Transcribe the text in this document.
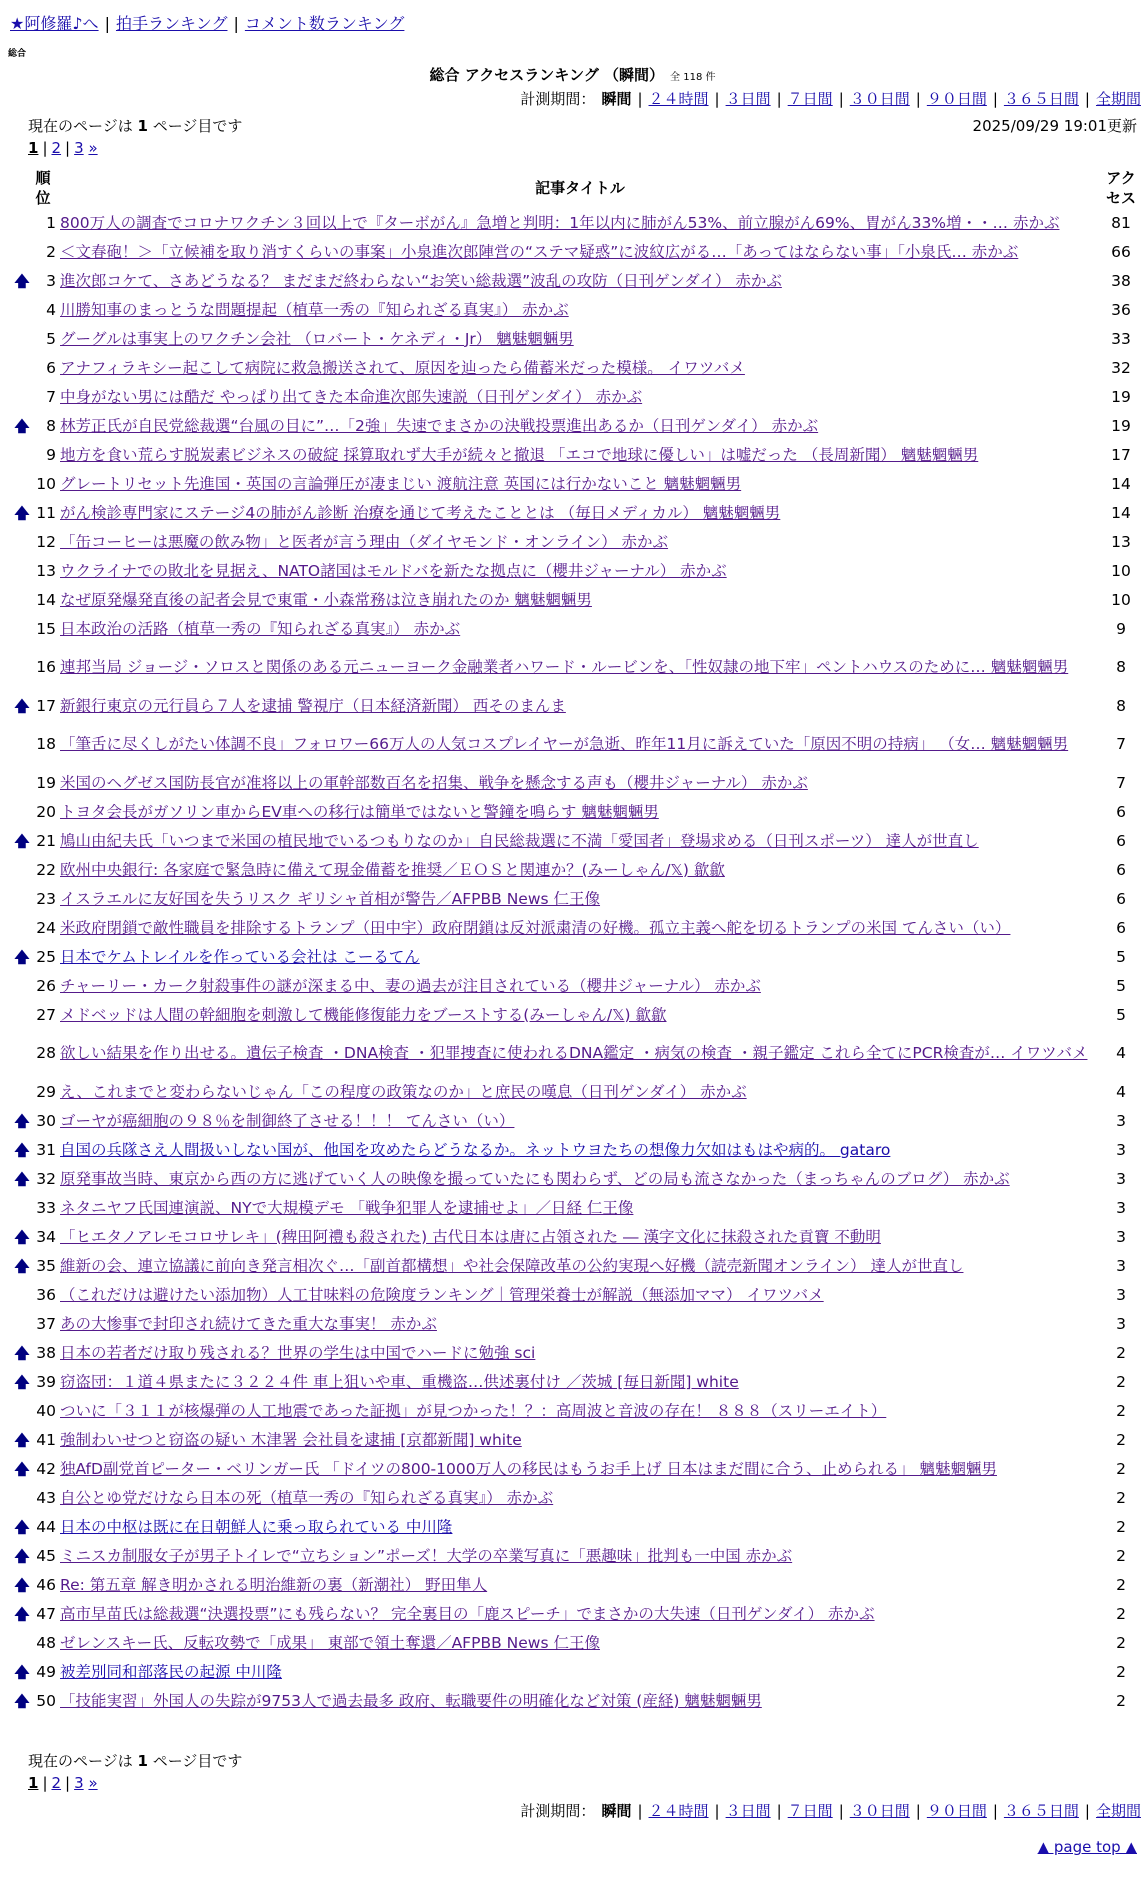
★阿修羅♪へ | 拍手ランキング | コメント数ランキング
総合
総合 アクセスランキング （瞬間） 全 118 件
計測期間： 瞬間 | ２４時間 | ３日間 | ７日間 | ３０日間 | ９０日間 | ３６５日間 | 全期間
現在のページは 1 ページ目です	2025/09/29 19:01更新
1 | 2 | 3 »
	順位	記事タイトル	アクセス
	1	800万人の調査でコロナワクチン３回以上で『ターボがん』急増と判明：1年以内に肺がん53%、前立腺がん69%、胃がん33%増・・… 赤かぶ	81
	2	＜文春砲！＞「立候補を取り消すくらいの事案」小泉進次郎陣営の“ステマ疑惑”に波紋広がる…「あってはならない事」「小泉氏… 赤かぶ	66
🡅	3	進次郎コケて、さあどうなる？ まだまだ終わらない“お笑い総裁選”波乱の攻防（日刊ゲンダイ） 赤かぶ	38
	4	川勝知事のまっとうな問題提起（植草一秀の『知られざる真実』） 赤かぶ	36
	5	グーグルは事実上のワクチン会社 （ロバート・ケネディ・Jr） 魑魅魍魎男	33
	6	アナフィラキシー起こして病院に救急搬送されて、原因を辿ったら備蓄米だった模様。 イワツバメ	32
	7	中身がない男には酷だ やっぱり出てきた本命進次郎失速説（日刊ゲンダイ） 赤かぶ	19
🡅	8	林芳正氏が自民党総裁選“台風の目に”…「2強」失速でまさかの決戦投票進出あるか（日刊ゲンダイ） 赤かぶ	19
	9	地方を食い荒らす脱炭素ビジネスの破綻 採算取れず大手が続々と撤退 「エコで地球に優しい」は嘘だった （長周新聞） 魑魅魍魎男	17
	10	グレートリセット先進国・英国の言論弾圧が凄まじい 渡航注意 英国には行かないこと 魑魅魍魎男	14
🡅	11	がん検診専門家にステージ4の肺がん診断 治療を通じて考えたこととは （毎日メディカル） 魑魅魍魎男	14
	12	「缶コーヒーは悪魔の飲み物」と医者が言う理由（ダイヤモンド・オンライン） 赤かぶ	13
	13	ウクライナでの敗北を見据え、NATO諸国はモルドバを新たな拠点に（櫻井ジャーナル） 赤かぶ	10
	14	なぜ原発爆発直後の記者会見で東電・小森常務は泣き崩れたのか 魑魅魍魎男	10
	15	日本政治の活路（植草一秀の『知られざる真実』） 赤かぶ	9
	16	連邦当局 ジョージ・ソロスと関係のある元ニューヨーク金融業者ハワード・ルービンを、「性奴隷の地下牢」ペントハウスのために… 魑魅魍魎男	8
🡅	17	新銀行東京の元行員ら７人を逮捕 警視庁（日本経済新聞） 西そのまんま	8
	18	「筆舌に尽くしがたい体調不良」フォロワー66万人の人気コスプレイヤーが急逝、昨年11月に訴えていた「原因不明の持病」 （女… 魑魅魍魎男	7
	19	米国のヘグゼス国防長官が准将以上の軍幹部数百名を招集、戦争を懸念する声も（櫻井ジャーナル） 赤かぶ	7
	20	トヨタ会長がガソリン車からEV車への移行は簡単ではないと警鐘を鳴らす 魑魅魍魎男	6
🡅	21	鳩山由紀夫氏「いつまで米国の植民地でいるつもりなのか」自民総裁選に不満「愛国者」登場求める（日刊スポーツ） 達人が世直し	6
	22	欧州中央銀行: 各家庭で緊急時に備えて現金備蓄を推奨／ＥＯＳと関連か？(みーしゃん/𝕏) 歙歙	6
	23	イスラエルに友好国を失うリスク ギリシャ首相が警告／AFPBB News 仁王像	6
	24	米政府閉鎖で敵性職員を排除するトランプ（田中宇）政府閉鎖は反対派粛清の好機。孤立主義へ舵を切るトランプの米国 てんさい（い）	6
🡅	25	日本でケムトレイルを作っている会社は こーるてん	5
	26	チャーリー・カーク射殺事件の謎が深まる中、妻の過去が注目されている（櫻井ジャーナル） 赤かぶ	5
	27	メドベッドは人間の幹細胞を刺激して機能修復能力をブーストする(みーしゃん/𝕏) 歙歙	5
	28	欲しい結果を作り出せる。遺伝子検査 ・DNA検査 ・犯罪捜査に使われるDNA鑑定 ・病気の検査 ・親子鑑定 これら全てにPCR検査が… イワツバメ	4
	29	え、これまでと変わらないじゃん「この程度の政策なのか」と庶民の嘆息（日刊ゲンダイ） 赤かぶ	4
🡅	30	ゴーヤが癌細胞の９８％を制御終了させる！！！ てんさい（い）	3
🡅	31	自国の兵隊さえ人間扱いしない国が、他国を攻めたらどうなるか。ネットウヨたちの想像力欠如はもはや病的。 gataro	3
🡅	32	原発事故当時、東京から西の方に逃げていく人の映像を撮っていたにも関わらず、どの局も流さなかった（まっちゃんのブログ） 赤かぶ	3
	33	ネタニヤフ氏国連演説、NYで大規模デモ 「戦争犯罪人を逮捕せよ」／日経 仁王像	3
🡅	34	「ヒエタノアレモコロサレキ」(稗田阿禮も殺された) 古代日本は唐に占領された ― 漢字文化に抹殺された貢寶 不動明	3
🡅	35	維新の会、連立協議に前向き発言相次ぐ…「副首都構想」や社会保障改革の公約実現へ好機（読売新聞オンライン） 達人が世直し	3
	36	（これだけは避けたい添加物）人工甘味料の危険度ランキング｜管理栄養士が解説（無添加ママ） イワツバメ	3
	37	あの大惨事で封印され続けてきた重大な事実！ 赤かぶ	3
🡅	38	日本の若者だけ取り残される？世界の学生は中国でハードに勉強 sci	2
🡅	39	窃盗団：１道４県またに３２２４件 車上狙いや車、重機盗…供述裏付け ／茨城 [毎日新聞] white	2
	40	ついに「３１１が核爆弾の人工地震であった証拠」が見つかった！？：高周波と音波の存在！ ８８８（スリーエイト）	2
🡅	41	強制わいせつと窃盗の疑い 木津署 会社員を逮捕 [京都新聞] white	2
🡅	42	独AfD副党首ピーター・ベリンガー氏 「ドイツの800-1000万人の移民はもうお手上げ 日本はまだ間に合う、止められる」 魑魅魍魎男	2
	43	自公とゆ党だけなら日本の死（植草一秀の『知られざる真実』） 赤かぶ	2
🡅	44	日本の中枢は既に在日朝鮮人に乗っ取られている 中川隆	2
🡅	45	ミニスカ制服女子が男子トイレで“立ちション”ポーズ！大学の卒業写真に「悪趣味」批判も一中国 赤かぶ	2
🡅	46	Re: 第五章 解き明かされる明治維新の裏（新潮社） 野田隼人	2
🡅	47	高市早苗氏は総裁選“決選投票”にも残らない？ 完全裏目の「鹿スピーチ」でまさかの大失速（日刊ゲンダイ） 赤かぶ	2
	48	ゼレンスキー氏、反転攻勢で「成果」 東部で領土奪還／AFPBB News 仁王像	2
🡅	49	被差別同和部落民の起源 中川隆	2
🡅	50	「技能実習」外国人の失踪が9753人で過去最多 政府、転職要件の明確化など対策 (産経) 魑魅魍魎男	2
現在のページは 1 ページ目です
1 | 2 | 3 »
計測期間： 瞬間 | ２４時間 | ３日間 | ７日間 | ３０日間 | ９０日間 | ３６５日間 | 全期間
▲ page top ▲
